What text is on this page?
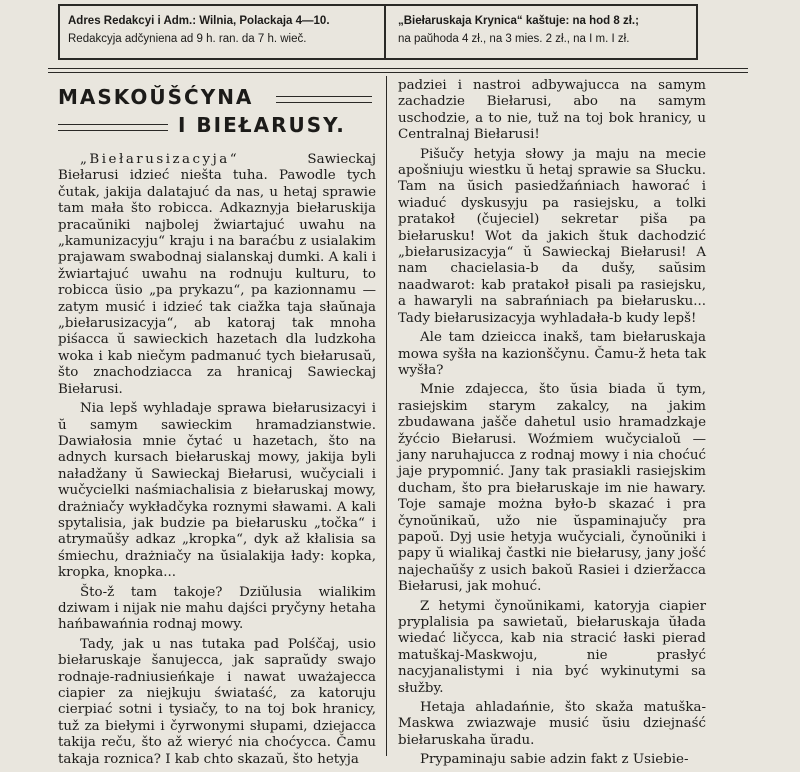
Adres Redakcyi i Adm.: Wilnia, Polackaja 4—10.
Redakcyja adčyniena ad 9 h. ran. da 7 h. wieč.
„Biełaruskaja Krynica“ kaštuje: na hod 8 zł.;
na paŭhoda 4 zł., na 3 mies. 2 zł., na I m. I zł.
MASKOŬŠĆYNA
I BIEŁARUSY.

„Biełarusizacyja“ Sawieckaj Biełarusi idzieć niešta tuha. Pawodle tych čutak, jakija dalatajuć da nas, u hetaj sprawie tam mała što robicca. Adkaznyja biełaruskija pracaŭniki najbolej žwiartajuć uwahu na „kamunizacyju“ kraju i na baraćbu z usialakim prajawam swabodnaj sialanskaj dumki. A kali i žwiartajuć uwahu na rodnuju kulturu, to robicca üsio „pa prykazu“, pa kazionnamu — zatym musić i idzieć tak ciažka taja słaŭnaja „biełarusizacyja“, ab katoraj tak mnoha piśacca ŭ sawieckich hazetach dla ludzkoha woka i kab niečym padmanuć tych biełarusaŭ, što znachodziacca za hranicaj Sawieckaj Biełarusi.

Nia lepš wyhladaje sprawa biełarusizacyi i ŭ samym sawieckim hramadzianstwie. Dawiałosia mnie čytać u hazetach, što na adnych kursach biełaruskaj mowy, jakija byli naładžany ŭ Sawieckaj Biełarusi, wučyciali i wučycielki naśmiachalisia z biełaruskaj mowy, drażniačy wykładčyka roznymi sławami. A kali spytalisia, jak budzie pa biełarusku „točka“ i atrymaŭšy adkaz „kropka“, dyk až kłalisia sa śmiechu, drażniačy na ŭsialakija ładу: kopka, kropka, knopka...

Što-ž tam takoje? Dziŭlusia wialikim dziwam i nijak nie mahu dajści pryčyny hetaha hańbawańnia rodnaj mowy.

Tady, jak u nas tutaka pad Polśčaj, usio biełaruskaje šanujecca, jak sapraŭdy swajo rodnaje-radniusieńkaje i nawat uważajecca ciapier za niejkuju świataść, za katoruju cierpiać sotni i tysiačy, to na toj bok hranicy, tuž za biełymi i čyrwonymi słupami, dziejacca takija reču, što až wieryć nia choćycca. Čamu takaja roznica? I kab chto skazaŭ, što hetyja

padziei i nastroi adbywajucca na samym zachadzie Biełarusi, abo na samym uschodzie, a to nie, tuž na toj bok hranicy, u Centralnaj Biełarusi!

Pišučy hetyja słowy ja maju na mecie apošniuju wiestku ŭ hetaj sprawie sa Słucku. Tam na ŭsich pasiedžańniach haworać i wiaduć dyskusyju pa rasiejsku, a tolki pratakoł (čujeciel) sekretar piša pa biełarusku! Wot da jakich štuk dachodzić „biełarusizacyja“ ŭ Sawieckaj Biełarusi! A nam chacielasia-b da dušy, saŭsim naadwarot: kab pratakoł pisali pa rasiejsku, a hawaryli na sabrańniach pa biełarusku... Tady biełarusizacyja wyhladała-b kudy lepš!

Ale tam dzieicca inakš, tam biełaruskaja mowa syšła na kazionščynu. Čamu-ž heta tak wyšła?

Mnie zdajecca, što ŭsia biada ŭ tym, rasiejskim starym zakalcy, na jakim zbudawana jaščе dahetul usio hramadzkaje žyćcio Biełarusi. Woźmiem wučycialoŭ — jany naruhajucca z rodnaj mowy i nia choćuć jaje prypomnić. Jany tak prasiakli rasiejskim ducham, što pra biełaruskaje im nie hawary. Toje samaje można było-b skazać i pra čynoŭnikaŭ, užo nie ŭspaminajučy pra papoŭ. Dyj usie hetyja wučyciali, čynoŭniki i papy ŭ wialikaj častki nie biełarusy, jany jošć najechaŭšy z usich bakoŭ Rasiei i dzieržacca Biełarusi, jak mohuć.

Z hetymi čynoŭnikami, katoryja ciapier pryplalisia pa sawietaŭ, biełaruskaja ŭłada wiedać ličycca, kab nia stracić łaski pierad matuškaj-Maskwoju, nie prasłyć nacyjanalistymi i nia być wykinutymi sa słužby.

Hetaja ahladańnie, što skaža matuška-Maskwa zwiazwaje musić ŭsiu dziejnaść biełaruskaha ŭradu.

Prypaminaju sabie adzin fakt z Usiebie-
